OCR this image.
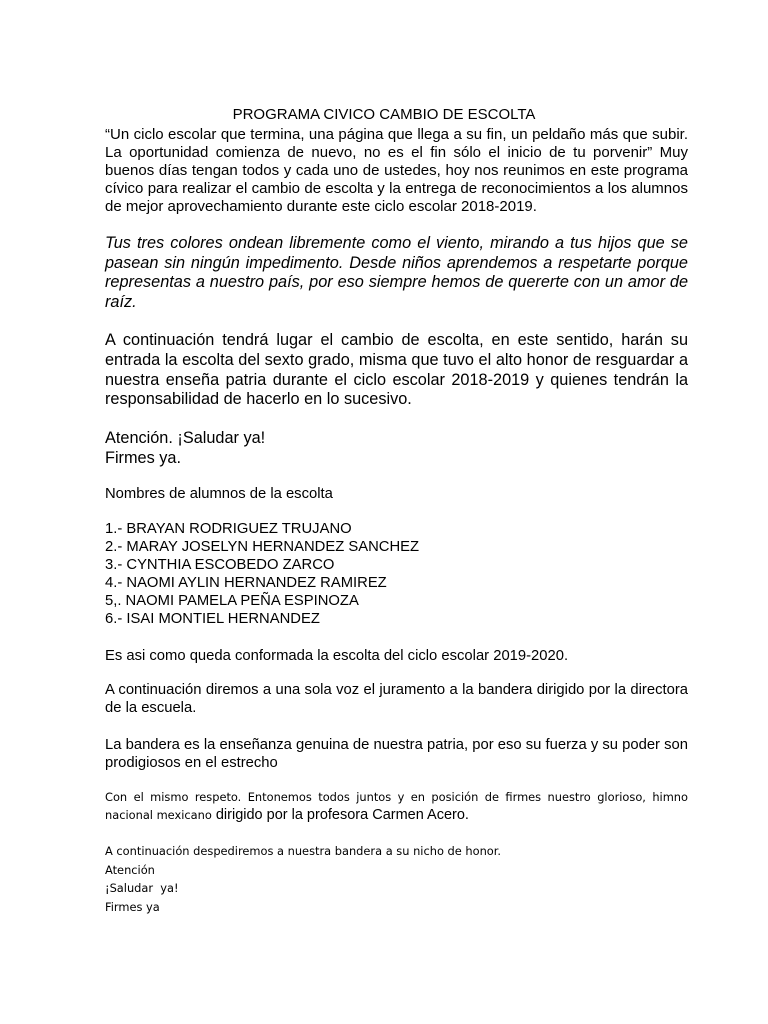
PROGRAMA CIVICO CAMBIO DE ESCOLTA

“Un ciclo escolar que termina, una página que llega a su fin, un peldaño más que subir. La oportunidad comienza de nuevo, no es el fin sólo el inicio de tu porvenir” Muy buenos días tengan todos y cada uno de ustedes, hoy nos reunimos en este programa cívico para realizar el cambio de escolta y la entrega de reconocimientos a los alumnos de mejor aprovechamiento durante este ciclo escolar 2018-2019.

Tus tres colores ondean libremente como el viento, mirando a tus hijos que se pasean sin ningún impedimento. Desde niños aprendemos a respetarte porque representas a nuestro país, por eso siempre hemos de quererte con un amor de raíz.

A continuación tendrá lugar el cambio de escolta, en este sentido, harán su entrada la escolta del sexto grado, misma que tuvo el alto honor de resguardar a nuestra enseña patria durante el ciclo escolar 2018-2019 y quienes tendrán la responsabilidad de hacerlo en lo sucesivo.

Atención. ¡Saludar ya!
Firmes ya.

Nombres de alumnos de la escolta

1.- BRAYAN RODRIGUEZ TRUJANO
2.- MARAY JOSELYN HERNANDEZ SANCHEZ
3.- CYNTHIA ESCOBEDO ZARCO
4.- NAOMI AYLIN HERNANDEZ RAMIREZ
5,. NAOMI PAMELA PEÑA ESPINOZA
6.- ISAI MONTIEL HERNANDEZ

Es asi como queda conformada la escolta del ciclo escolar 2019-2020.

A continuación diremos a una sola voz el juramento a la bandera dirigido por la directora de la escuela.

La bandera es la enseñanza genuina de nuestra patria, por eso su fuerza y su poder son prodigiosos en el estrecho

Con el mismo respeto. Entonemos todos juntos y en posición de firmes nuestro glorioso, himno nacional mexicano dirigido por la profesora Carmen Acero.

A continuación despediremos a nuestra bandera a su nicho de honor.
Atención
¡Saludar  ya!
Firmes ya
